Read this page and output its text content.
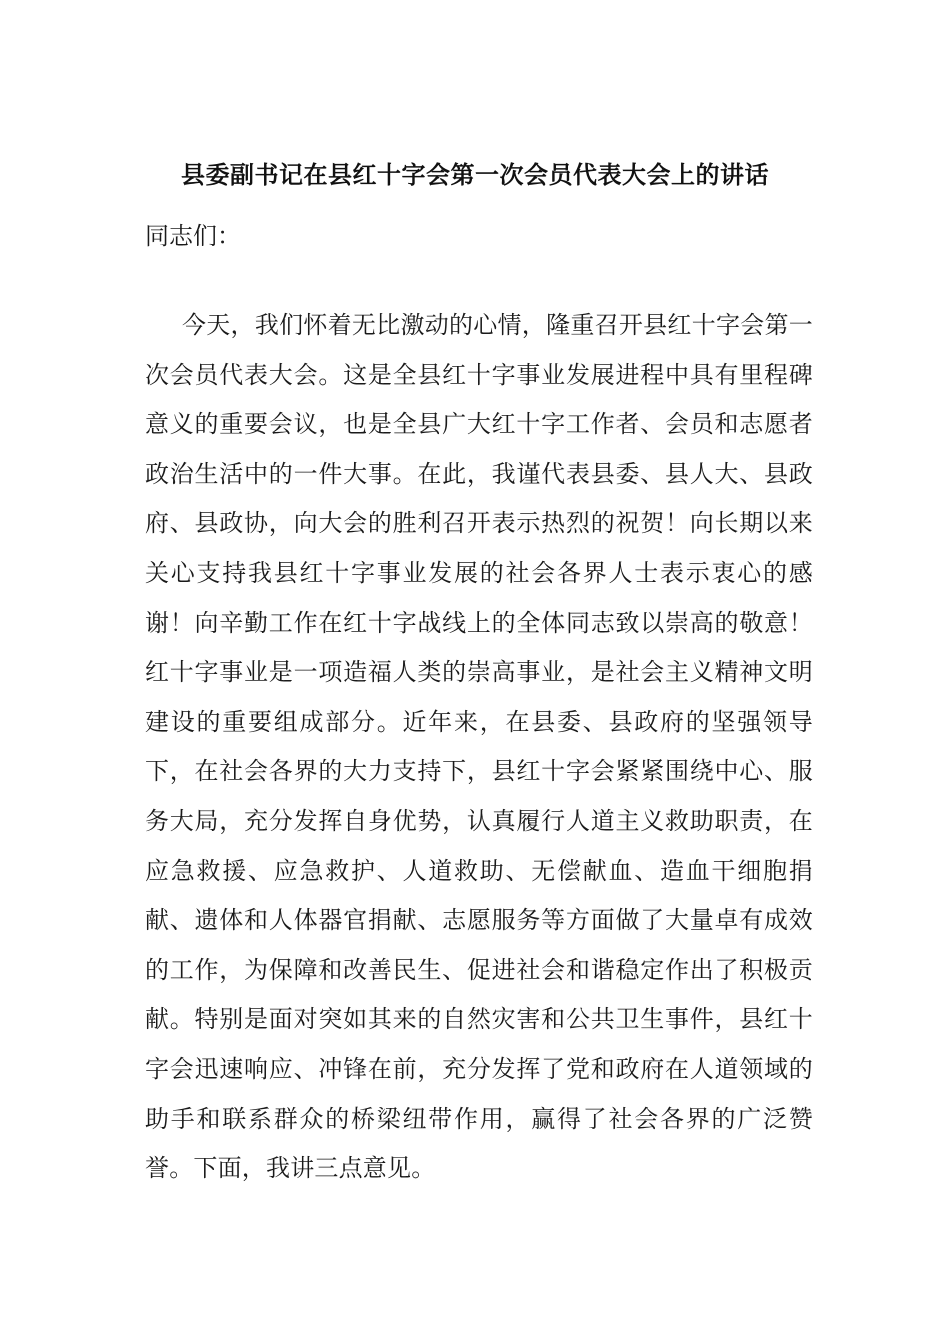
县委副书记在县红十字会第一次会员代表大会上的讲话
同志们：

今天，我们怀着无比激动的心情，隆重召开县红十字会第一次会员代表大会。这是全县红十字事业发展进程中具有里程碑意义的重要会议，也是全县广大红十字工作者、会员和志愿者政治生活中的一件大事。在此，我谨代表县委、县人大、县政府、县政协，向大会的胜利召开表示热烈的祝贺！向长期以来关心支持我县红十字事业发展的社会各界人士表示衷心的感谢！向辛勤工作在红十字战线上的全体同志致以崇高的敬意！红十字事业是一项造福人类的崇高事业，是社会主义精神文明建设的重要组成部分。近年来，在县委、县政府的坚强领导下，在社会各界的大力支持下，县红十字会紧紧围绕中心、服务大局，充分发挥自身优势，认真履行人道主义救助职责，在应急救援、应急救护、人道救助、无偿献血、造血干细胞捐献、遗体和人体器官捐献、志愿服务等方面做了大量卓有成效的工作，为保障和改善民生、促进社会和谐稳定作出了积极贡献。特别是面对突如其来的自然灾害和公共卫生事件，县红十字会迅速响应、冲锋在前，充分发挥了党和政府在人道领域的助手和联系群众的桥梁纽带作用，赢得了社会各界的广泛赞誉。下面，我讲三点意见。
